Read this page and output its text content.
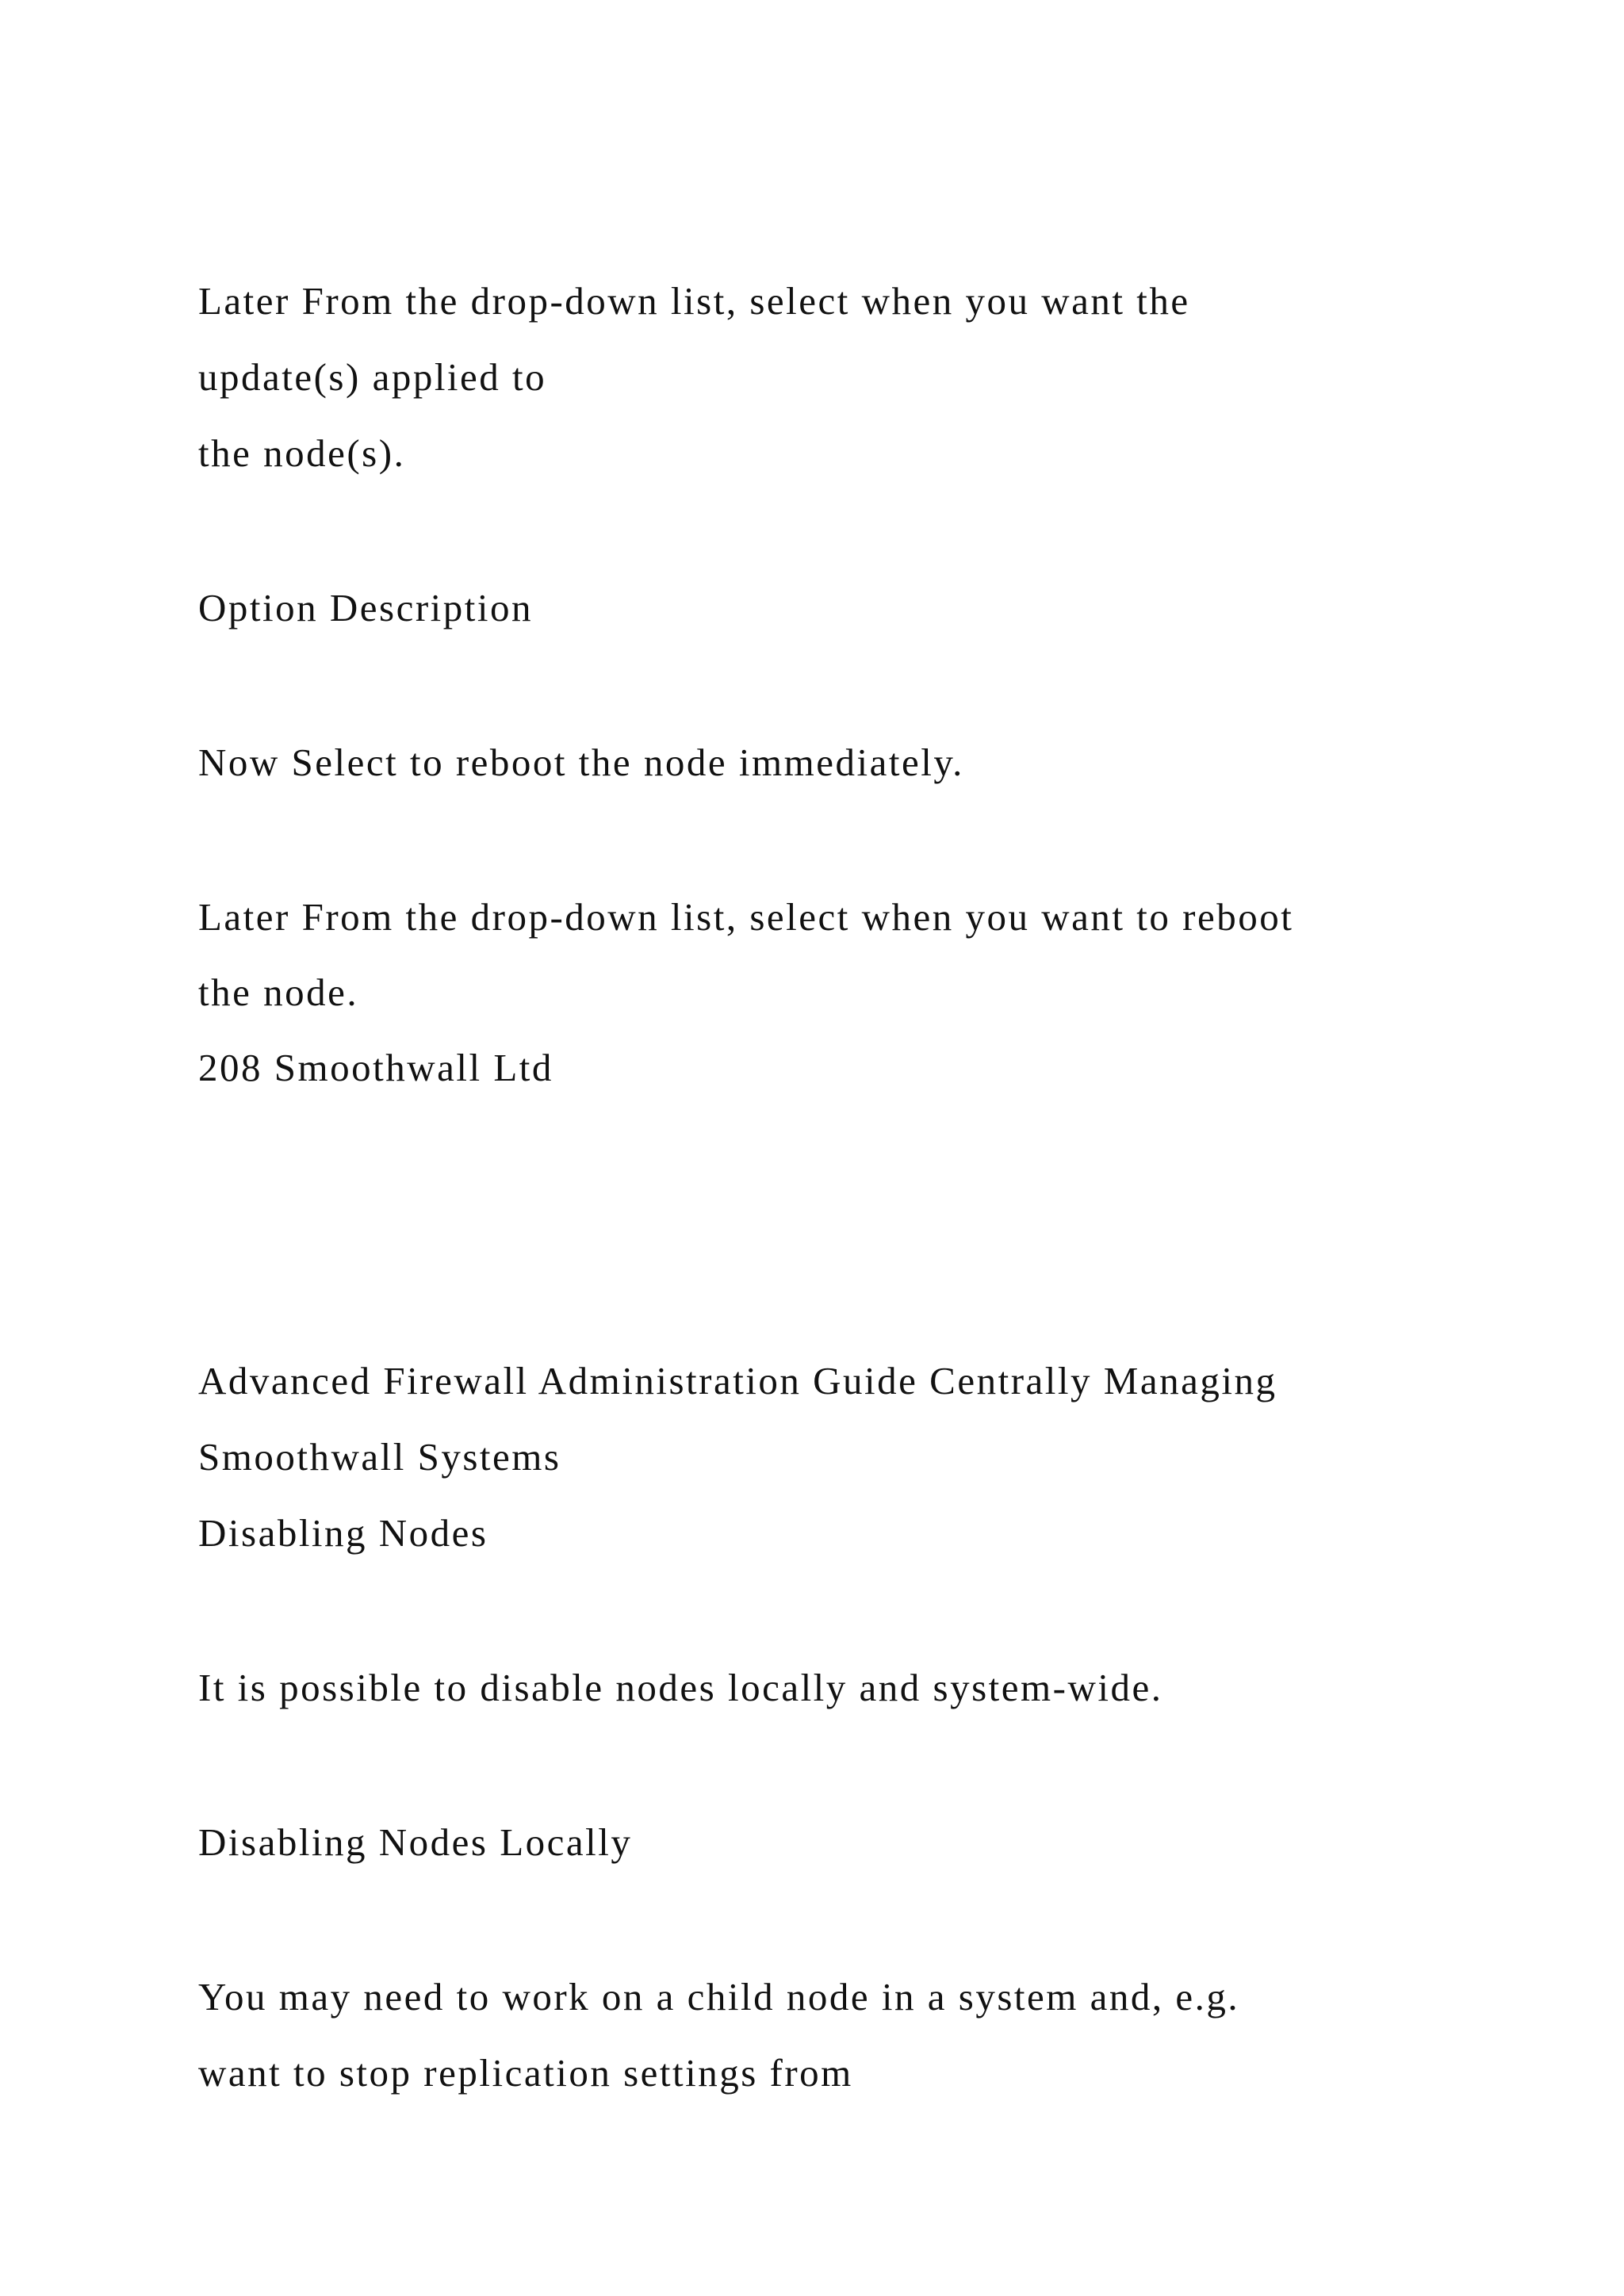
Later From the drop-down list, select when you want the

update(s) applied to

the node(s).

Option Description

Now Select to reboot the node immediately.

Later From the drop-down list, select when you want to reboot

the node.

208 Smoothwall Ltd

Advanced Firewall Administration Guide Centrally Managing

Smoothwall Systems

Disabling Nodes

It is possible to disable nodes locally and system-wide.

Disabling Nodes Locally

You may need to work on a child node in a system and, e.g.

want to stop replication settings from
